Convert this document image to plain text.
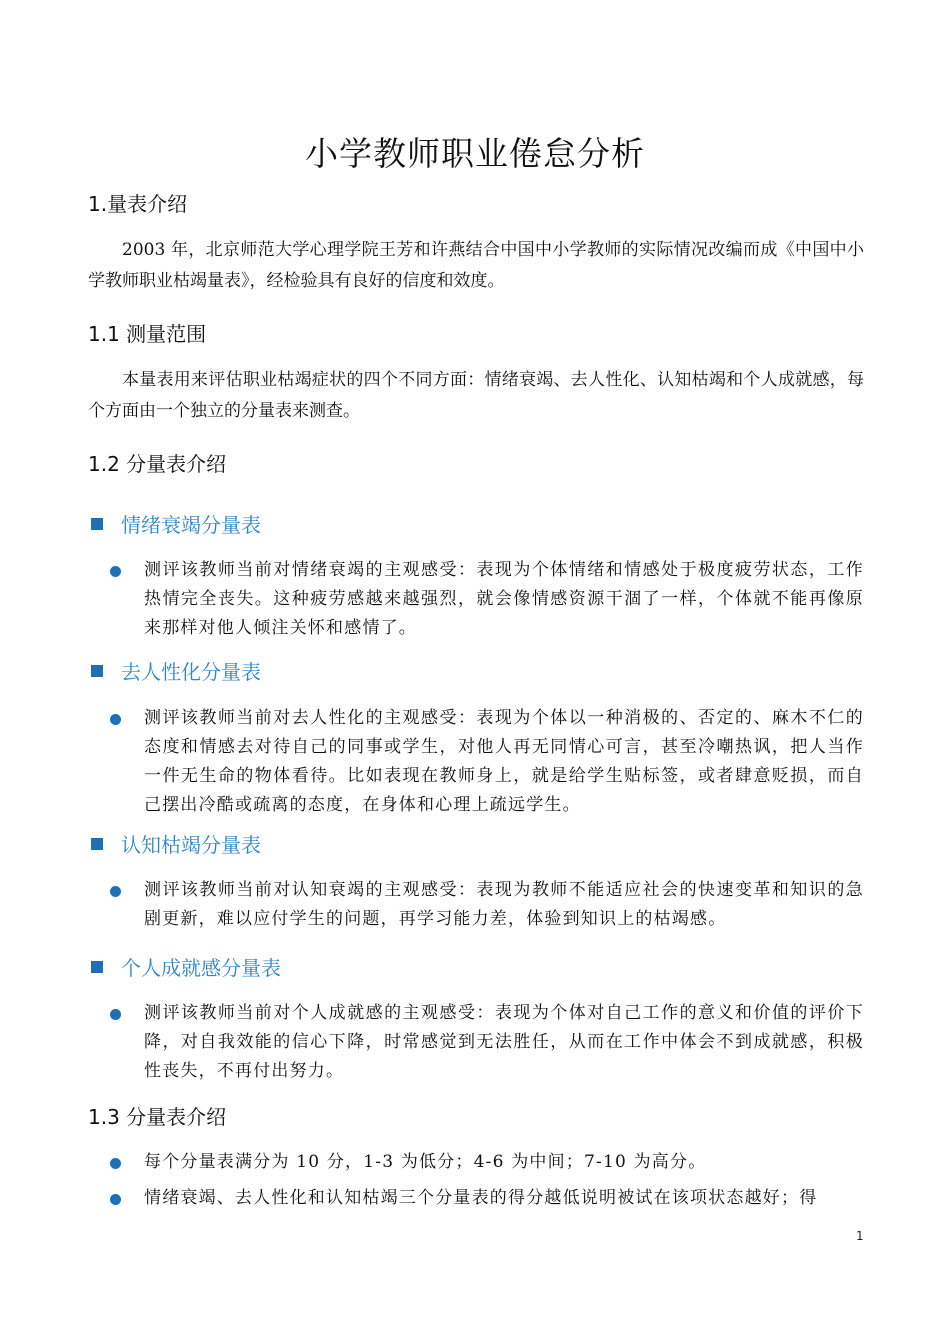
小学教师职业倦怠分析
1.量表介绍
2003 年，北京师范大学心理学院王芳和许燕结合中国中小学教师的实际情况改编而成《中国中小学教师职业枯竭量表》，经检验具有良好的信度和效度。
1.1 测量范围
本量表用来评估职业枯竭症状的四个不同方面：情绪衰竭、去人性化、认知枯竭和个人成就感，每个方面由一个独立的分量表来测查。
1.2 分量表介绍
情绪衰竭分量表
测评该教师当前对情绪衰竭的主观感受：表现为个体情绪和情感处于极度疲劳状态，工作热情完全丧失。这种疲劳感越来越强烈，就会像情感资源干涸了一样，个体就不能再像原来那样对他人倾注关怀和感情了。
去人性化分量表
测评该教师当前对去人性化的主观感受：表现为个体以一种消极的、否定的、麻木不仁的态度和情感去对待自己的同事或学生，对他人再无同情心可言，甚至冷嘲热讽，把人当作一件无生命的物体看待。比如表现在教师身上，就是给学生贴标签，或者肆意贬损，而自己摆出冷酷或疏离的态度，在身体和心理上疏远学生。
认知枯竭分量表
测评该教师当前对认知衰竭的主观感受：表现为教师不能适应社会的快速变革和知识的急剧更新，难以应付学生的问题，再学习能力差，体验到知识上的枯竭感。
个人成就感分量表
测评该教师当前对个人成就感的主观感受：表现为个体对自己工作的意义和价值的评价下降，对自我效能的信心下降，时常感觉到无法胜任，从而在工作中体会不到成就感，积极性丧失，不再付出努力。
1.3 分量表介绍
每个分量表满分为 10 分，1-3 为低分；4-6 为中间；7-10 为高分。
情绪衰竭、去人性化和认知枯竭三个分量表的得分越低说明被试在该项状态越好；得
1
